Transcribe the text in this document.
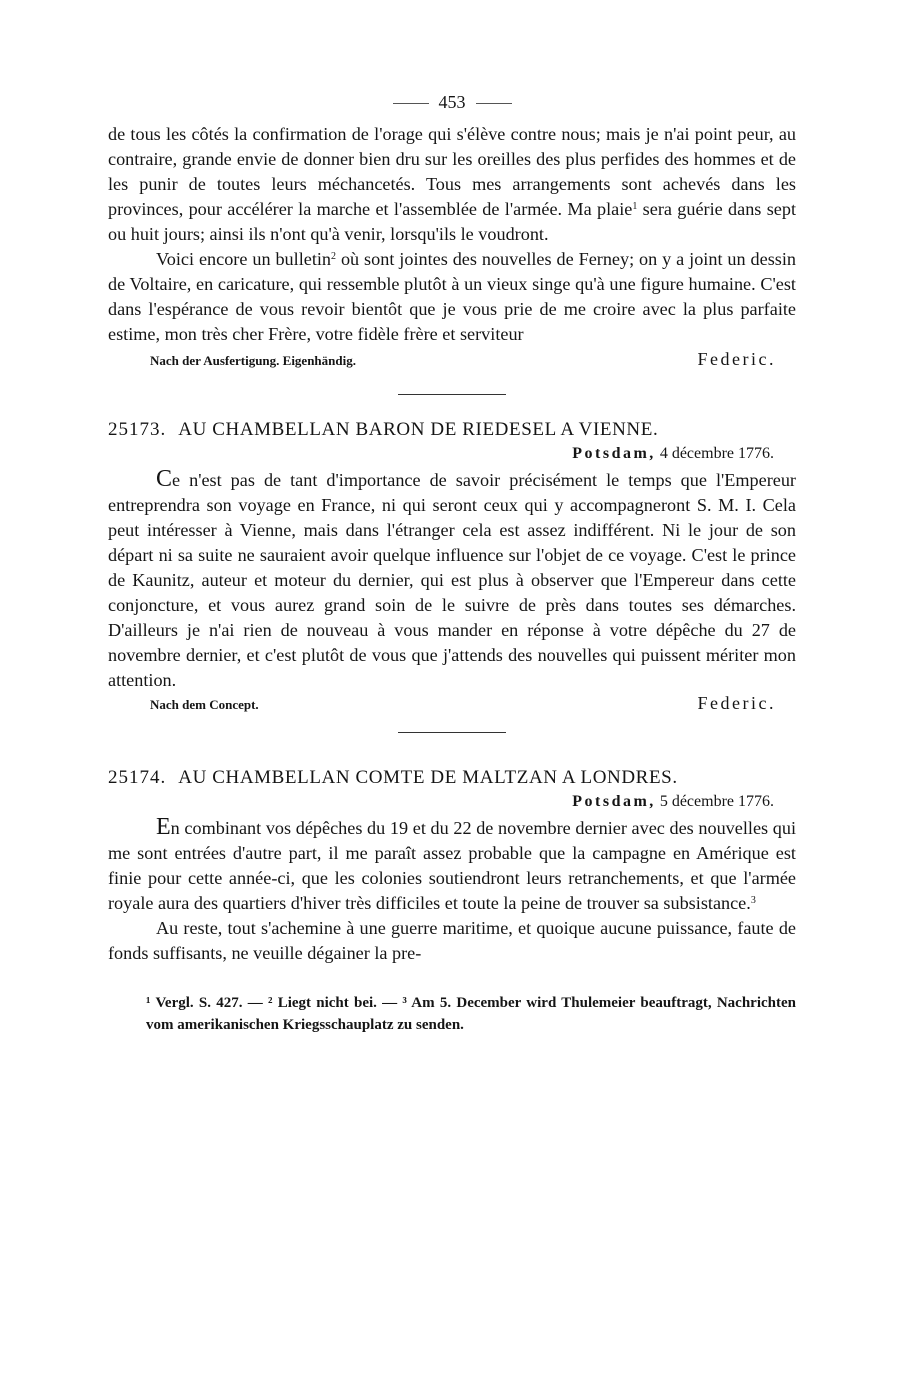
453

de tous les côtés la confirmation de l'orage qui s'élève contre nous; mais je n'ai point peur, au contraire, grande envie de donner bien dru sur les oreilles des plus perfides des hommes et de les punir de toutes leurs méchancetés. Tous mes arrangements sont achevés dans les provinces, pour accélérer la marche et l'assemblée de l'armée. Ma plaie$^1$ sera guérie dans sept ou huit jours; ainsi ils n'ont qu'à venir, lorsqu'ils le voudront.

Voici encore un bulletin$^2$ où sont jointes des nouvelles de Ferney; on y a joint un dessin de Voltaire, en caricature, qui ressemble plutôt à un vieux singe qu'à une figure humaine. C'est dans l'espérance de vous revoir bientôt que je vous prie de me croire avec la plus parfaite estime, mon très cher Frère, votre fidèle frère et serviteur

Nach der Ausfertigung. Eigenhändig.	Federic.
25173. AU CHAMBELLAN BARON DE RIEDESEL A VIENNE.
Potsdam, 4 décembre 1776.

Ce n'est pas de tant d'importance de savoir précisément le temps que l'Empereur entreprendra son voyage en France, ni qui seront ceux qui y accompagneront S. M. I. Cela peut intéresser à Vienne, mais dans l'étranger cela est assez indifférent. Ni le jour de son départ ni sa suite ne sauraient avoir quelque influence sur l'objet de ce voyage. C'est le prince de Kaunitz, auteur et moteur du dernier, qui est plus à observer que l'Empereur dans cette conjoncture, et vous aurez grand soin de le suivre de près dans toutes ses démarches. D'ailleurs je n'ai rien de nouveau à vous mander en réponse à votre dépêche du 27 de novembre dernier, et c'est plutôt de vous que j'attends des nouvelles qui puissent mériter mon attention.

Nach dem Concept.	Federic.
25174. AU CHAMBELLAN COMTE DE MALTZAN A LONDRES.
Potsdam, 5 décembre 1776.

En combinant vos dépêches du 19 et du 22 de novembre dernier avec des nouvelles qui me sont entrées d'autre part, il me paraît assez probable que la campagne en Amérique est finie pour cette année-ci, que les colonies soutiendront leurs retranchements, et que l'armée royale aura des quartiers d'hiver très difficiles et toute la peine de trouver sa subsistance.$^3$

Au reste, tout s'achemine à une guerre maritime, et quoique aucune puissance, faute de fonds suffisants, ne veuille dégainer la pre-

¹ Vergl. S. 427. — ² Liegt nicht bei. — ³ Am 5. December wird Thulemeier beauftragt, Nachrichten vom amerikanischen Kriegsschauplatz zu senden.
